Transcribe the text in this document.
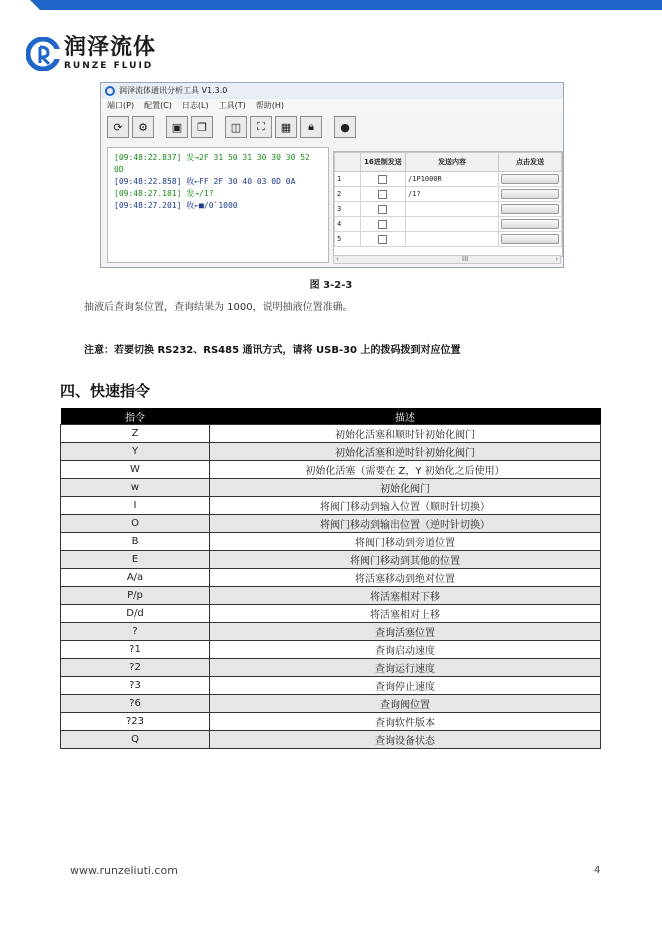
润泽流体
RUNZE FLUID
润泽流体通讯分析工具 V1.3.0
端口(P) 配置(C) 日志(L) 工具(T) 帮助(H)
⟳	⚙	▣	❐	◫	⛶	▦	🔒︎	●
[09:48:22.837] 发→2F 31 50 31 30 30 30 52
0D
[09:48:22.858] 收←FF 2F 30 40 03 0D 0A
[09:48:27.181] 发→/1?
[09:48:27.201] 收←■/0`1000
	16进制发送	发送内容	点击发送
1		/1P1000R	

2		/1?	

3	

4	

5	

‹	III	›
图 3-2-3
抽液后查询泵位置，查询结果为 1000，说明抽液位置准确。
注意：若要切换 RS232、RS485 通讯方式，请将 USB-30 上的拨码拨到对应位置
四、快速指令
指令	描述
Z	初始化活塞和顺时针初始化阀门
Y	初始化活塞和逆时针初始化阀门
W	初始化活塞（需要在 Z，Y 初始化之后使用）
w	初始化阀门
I	将阀门移动到输入位置（顺时针切换）
O	将阀门移动到输出位置（逆时针切换）
B	将阀门移动到旁道位置
E	将阀门移动到其他的位置
A/a	将活塞移动到绝对位置
P/p	将活塞相对下移
D/d	将活塞相对上移
?	查询活塞位置
?1	查询启动速度
?2	查询运行速度
?3	查询停止速度
?6	查询阀位置
?23	查询软件版本
Q	查询设备状态
www.runzeliuti.com	4
